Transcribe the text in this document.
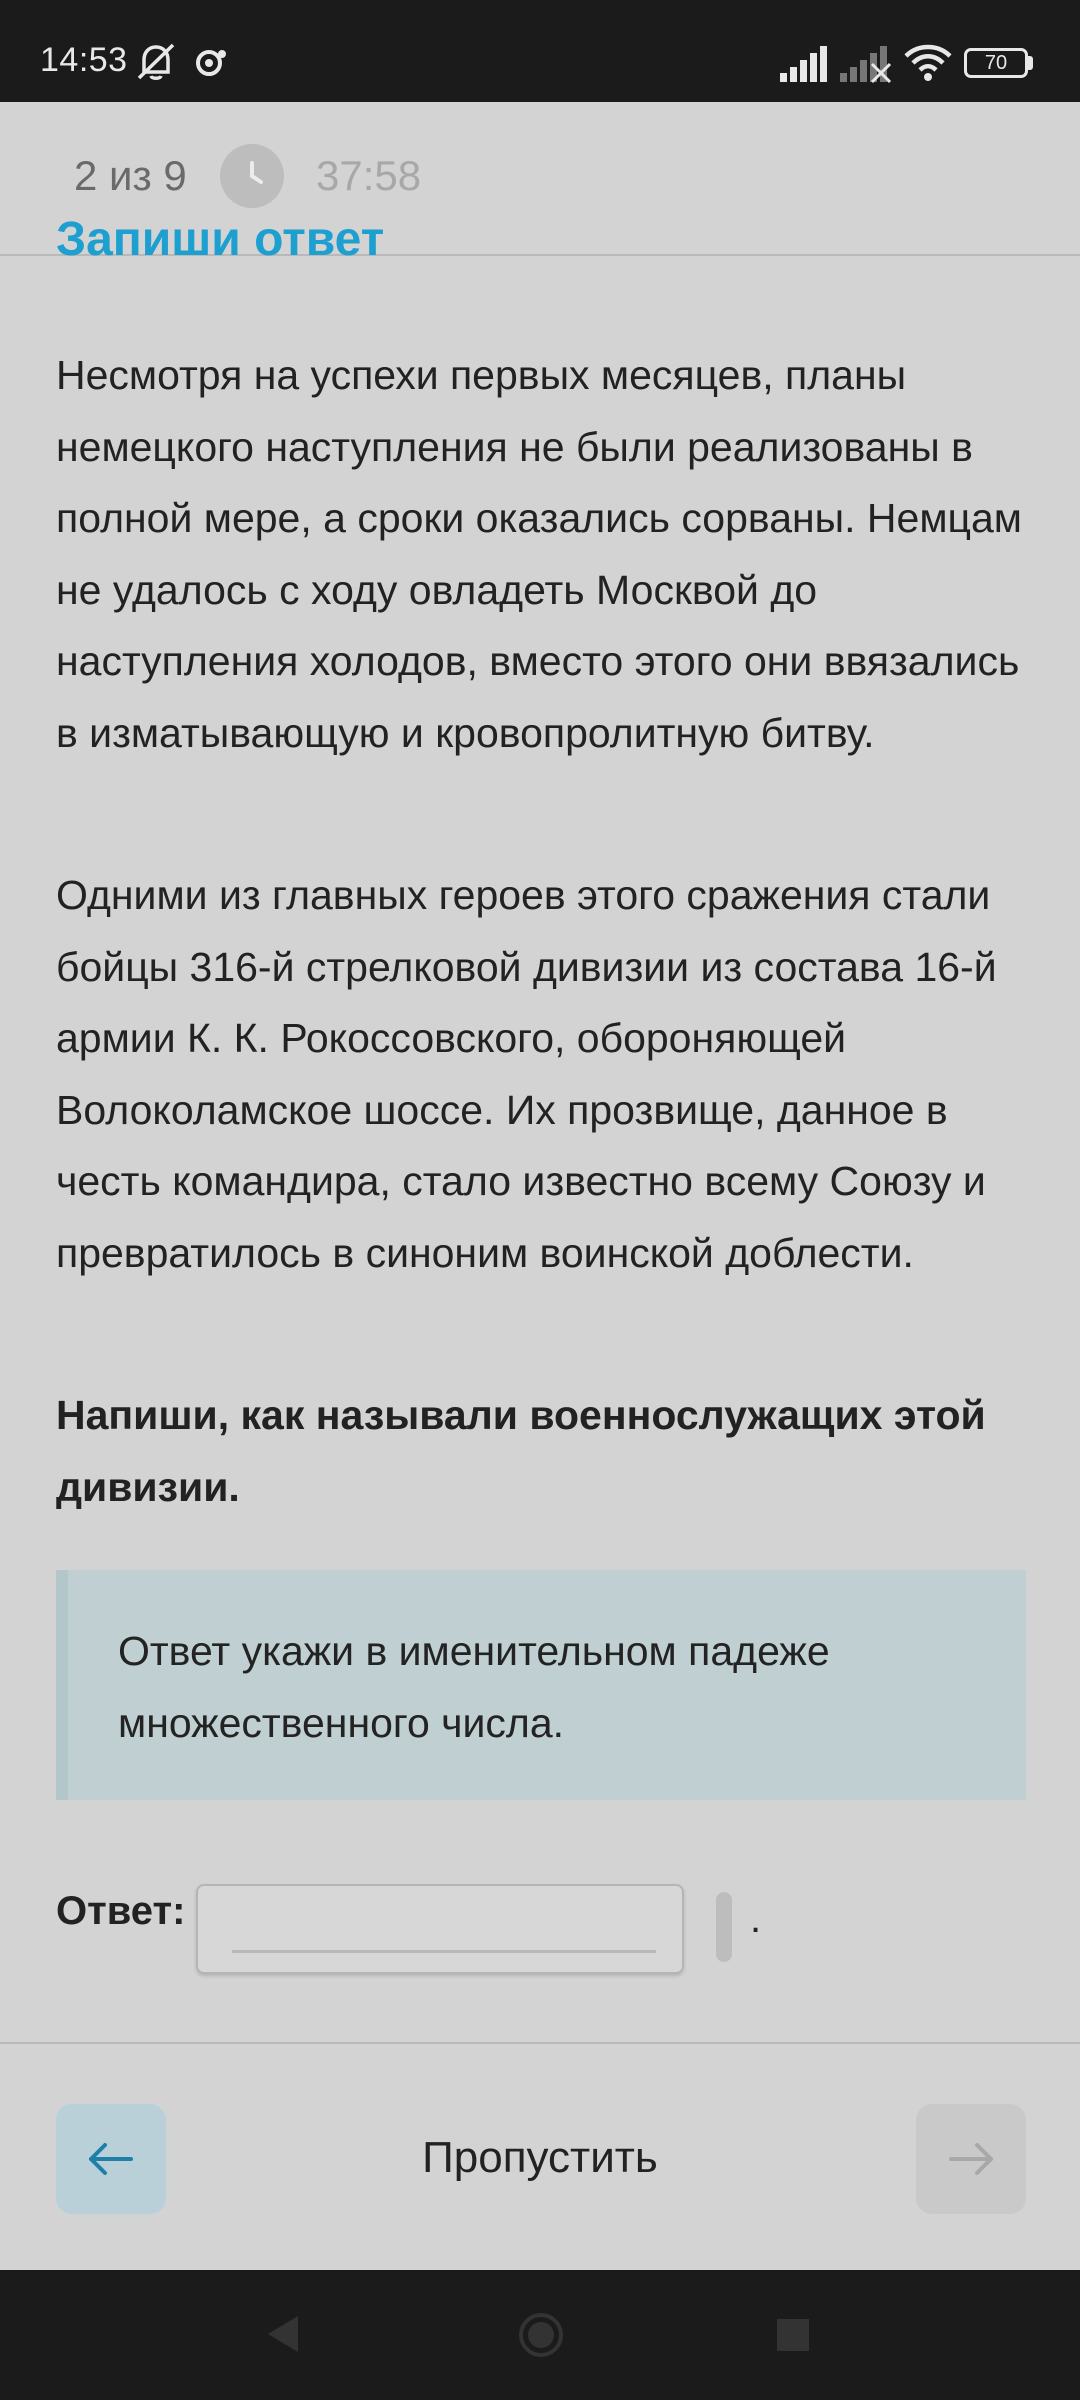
14:53	70
2 из 9	37:58
Запиши ответ

Несмотря на успехи первых месяцев, планы немецкого наступления не были реализованы в полной мере, а сроки оказались сорваны. Немцам не удалось с ходу овладеть Москвой до наступления холодов, вместо этого они ввязались в изматывающую и кровопролитную битву.

Одними из главных героев этого сражения стали бойцы 316-й стрелковой дивизии из состава 16-й армии К. К. Рокоссовского, обороняющей Волоколамское шоссе. Их прозвище, данное в честь командира, стало известно всему Союзу и превратилось в синоним воинской доблести.

Напиши, как называли военнослужащих этой дивизии.

Ответ укажи в именительном падеже множественного числа.

Ответ:	.
Пропустить
